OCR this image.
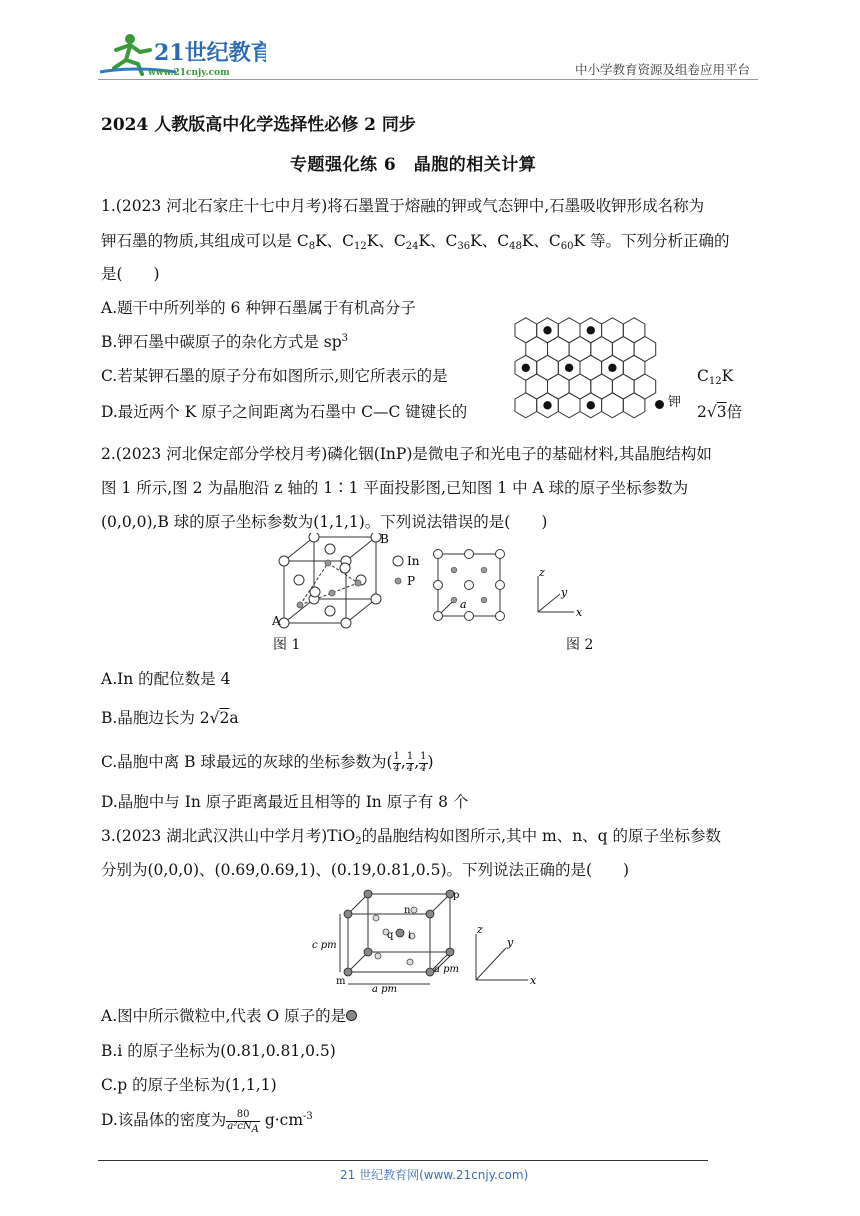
21世纪教育
www.21cnjy.com	中小学教育资源及组卷应用平台
2024 人教版高中化学选择性必修 2 同步
专题强化练 6　晶胞的相关计算
1.(2023 河北石家庄十七中月考)将石墨置于熔融的钾或气态钾中,石墨吸收钾形成名称为
钾石墨的物质,其组成可以是 $C_8K$、$C_{12}K$、$C_{24}K$、$C_{36}K$、$C_{48}K$、$C_{60}K$ 等。下列分析正确的
是(　　)
A.题干中所列举的 6 种钾石墨属于有机高分子
B.钾石墨中碳原子的杂化方式是 $sp^3$
C.若某钾石墨的原子分布如图所示,则它所表示的是	$C_{12}K$
D.最近两个 K 原子之间距离为石墨中 C—C 键键长的	2√3倍
钾
2.(2023 河北保定部分学校月考)磷化铟(InP)是微电子和光电子的基础材料,其晶胞结构如
图 1 所示,图 2 为晶胞沿 z 轴的 1∶1 平面投影图,已知图 1 中 A 球的原子坐标参数为
(0,0,0),B 球的原子坐标参数为(1,1,1)。下列说法错误的是(　　)
A
B
In
P
图 1
a
z
y
x
图 2
A.In 的配位数是 4
B.晶胞边长为 2√2a
C.晶胞中离 B 球最远的灰球的坐标参数为( $\frac{1}{4}$ , $\frac{1}{4}$ , $\frac{1}{4}$ )
D.晶胞中与 In 原子距离最近且相等的 In 原子有 8 个
3.(2023 湖北武汉洪山中学月考)TiO$_2$的晶胞结构如图所示,其中 m、n、q 的原子坐标参数
分别为(0,0,0)、(0.69,0.69,1)、(0.19,0.81,0.5)。下列说法正确的是(　　)
p
n
q i
m
c pm
a pm
a pm
z
y
x
A.图中所示微粒中,代表 O 原子的是
B.i 的原子坐标为(0.81,0.81,0.5)
C.p 的原子坐标为(1,1,1)
D.该晶体的密度为 $\frac{80}{a^2cN_A} g\cdot cm^{-3}$
21 世纪教育网(www.21cnjy.com)
